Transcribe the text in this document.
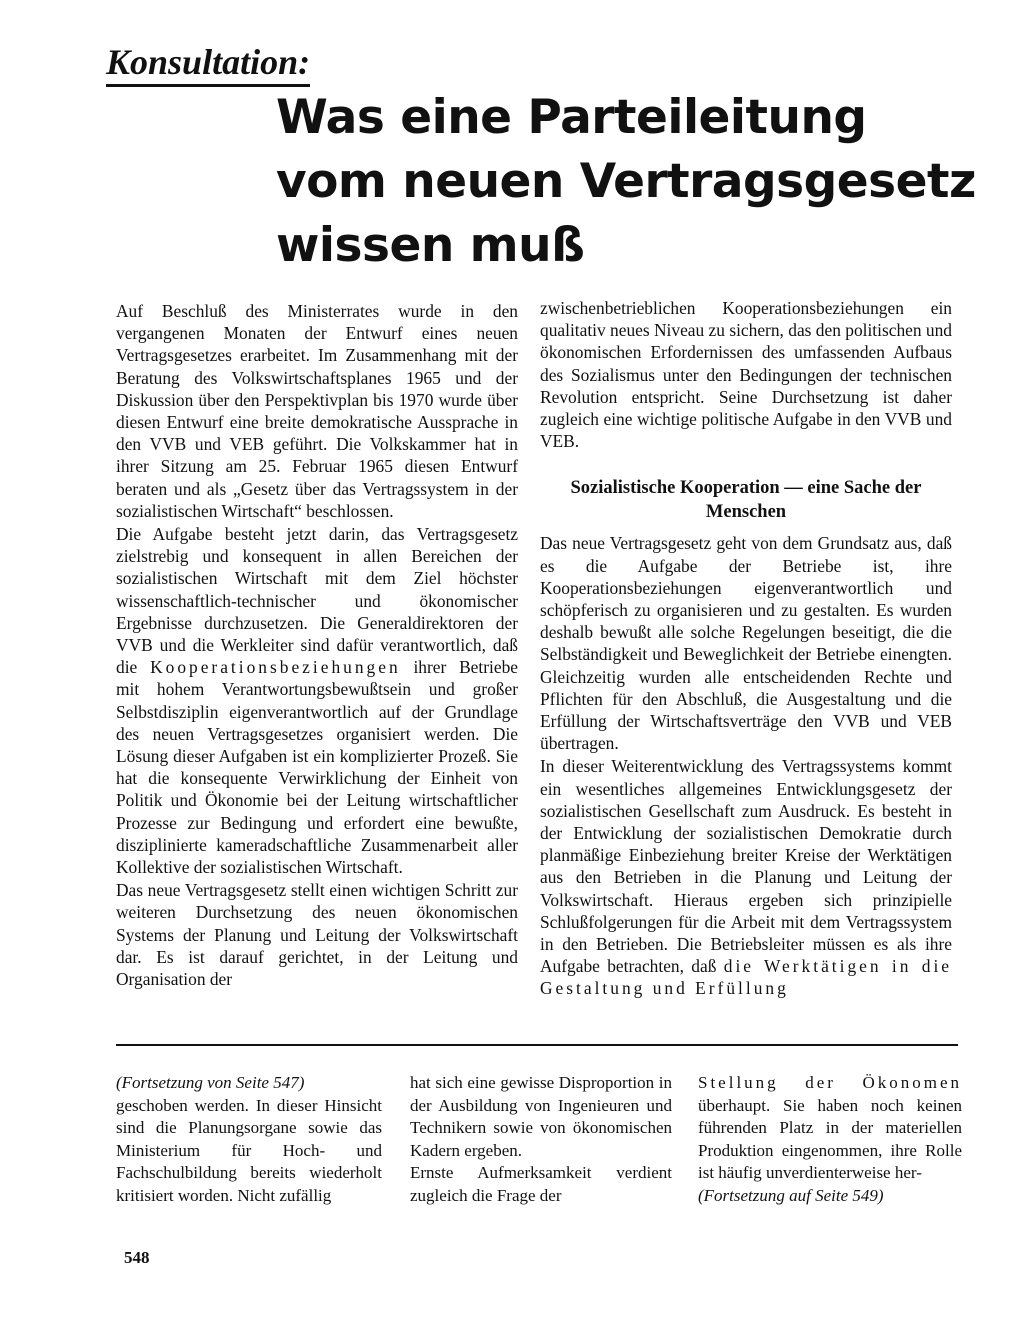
Konsultation:
Was eine Parteileitung
vom neuen Vertragsgesetz
wissen muß

Auf Beschluß des Ministerrates wurde in den vergangenen Monaten der Entwurf eines neuen Vertragsgesetzes erarbeitet. Im Zusammenhang mit der Beratung des Volkswirtschaftsplanes 1965 und der Diskussion über den Perspektivplan bis 1970 wurde über diesen Entwurf eine breite demokratische Aussprache in den VVB und VEB geführt. Die Volkskammer hat in ihrer Sitzung am 25. Februar 1965 diesen Entwurf beraten und als „Gesetz über das Vertragssystem in der sozialistischen Wirtschaft“ beschlossen.

Die Aufgabe besteht jetzt darin, das Vertragsgesetz zielstrebig und konsequent in allen Bereichen der sozialistischen Wirtschaft mit dem Ziel höchster wissenschaftlich-technischer und ökonomischer Ergebnisse durchzusetzen. Die Generaldirektoren der VVB und die Werkleiter sind dafür verantwortlich, daß die Kooperationsbeziehungen ihrer Betriebe mit hohem Verantwortungsbewußtsein und großer Selbstdisziplin eigenverantwortlich auf der Grundlage des neuen Vertragsgesetzes organisiert werden. Die Lösung dieser Aufgaben ist ein komplizierter Prozeß. Sie hat die konsequente Verwirklichung der Einheit von Politik und Ökonomie bei der Leitung wirtschaftlicher Prozesse zur Bedingung und erfordert eine bewußte, disziplinierte kameradschaftliche Zusammenarbeit aller Kollektive der sozialistischen Wirtschaft.

Das neue Vertragsgesetz stellt einen wichtigen Schritt zur weiteren Durchsetzung des neuen ökonomischen Systems der Planung und Leitung der Volkswirtschaft dar. Es ist darauf gerichtet, in der Leitung und Organisation der

zwischenbetrieblichen Kooperationsbeziehungen ein qualitativ neues Niveau zu sichern, das den politischen und ökonomischen Erfordernissen des umfassenden Aufbaus des Sozialismus unter den Bedingungen der technischen Revolution entspricht. Seine Durchsetzung ist daher zugleich eine wichtige politische Aufgabe in den VVB und VEB.

Sozialistische Kooperation — eine Sache der Menschen

Das neue Vertragsgesetz geht von dem Grundsatz aus, daß es die Aufgabe der Betriebe ist, ihre Kooperationsbeziehungen eigenverantwortlich und schöpferisch zu organisieren und zu gestalten. Es wurden deshalb bewußt alle solche Regelungen beseitigt, die die Selbständigkeit und Beweglichkeit der Betriebe einengten. Gleichzeitig wurden alle entscheidenden Rechte und Pflichten für den Abschluß, die Ausgestaltung und die Erfüllung der Wirtschaftsverträge den VVB und VEB übertragen.

In dieser Weiterentwicklung des Vertragssystems kommt ein wesentliches allgemeines Entwicklungsgesetz der sozialistischen Gesellschaft zum Ausdruck. Es besteht in der Entwicklung der sozialistischen Demokratie durch planmäßige Einbeziehung breiter Kreise der Werktätigen aus den Betrieben in die Planung und Leitung der Volkswirtschaft. Hieraus ergeben sich prinzipielle Schlußfolgerungen für die Arbeit mit dem Vertragssystem in den Betrieben. Die Betriebsleiter müssen es als ihre Aufgabe betrachten, daß die Werktätigen in die Gestaltung und Erfüllung

(Fortsetzung von Seite 547)

geschoben werden. In dieser Hinsicht sind die Planungsorgane sowie das Ministerium für Hoch- und Fachschulbildung bereits wiederholt kritisiert worden. Nicht zufällig

hat sich eine gewisse Disproportion in der Ausbildung von Ingenieuren und Technikern sowie von ökonomischen Kadern ergeben.

Ernste Aufmerksamkeit verdient zugleich die Frage der

Stellung der Ökonomen überhaupt. Sie haben noch keinen führenden Platz in der materiellen Produktion eingenommen, ihre Rolle ist häufig unverdienterweise her-

(Fortsetzung auf Seite 549)

548
